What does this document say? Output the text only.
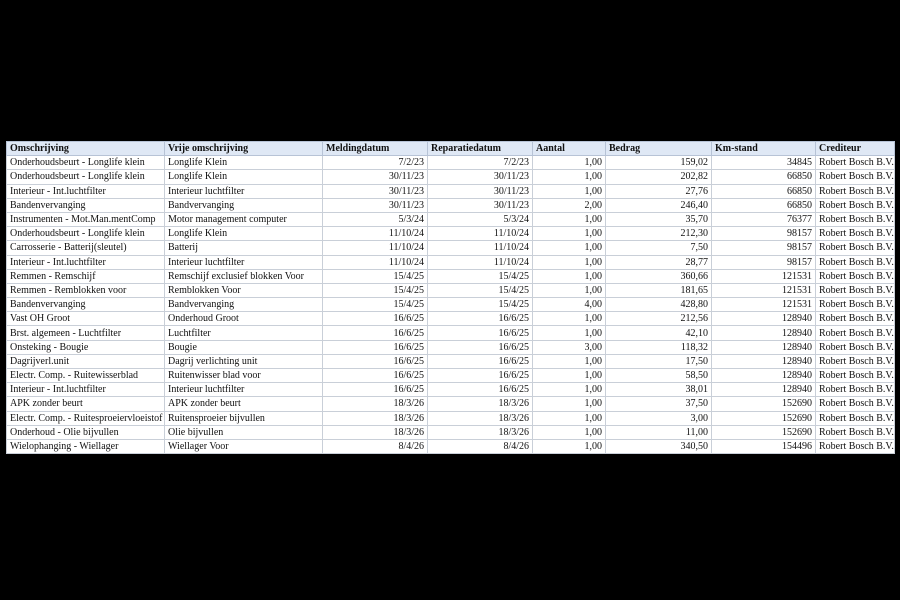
Omschrijving	Vrije omschrijving	Meldingdatum	Reparatiedatum	Aantal	Bedrag	Km-stand	Crediteur
Onderhoudsbeurt - Longlife klein	Longlife Klein	7/2/23	7/2/23	1,00	159,02	34845	Robert Bosch B.V.
Onderhoudsbeurt - Longlife klein	Longlife Klein	30/11/23	30/11/23	1,00	202,82	66850	Robert Bosch B.V.
Interieur - Int.luchtfilter	Interieur luchtfilter	30/11/23	30/11/23	1,00	27,76	66850	Robert Bosch B.V.
Bandenvervanging	Bandvervanging	30/11/23	30/11/23	2,00	246,40	66850	Robert Bosch B.V.
Instrumenten - Mot.Man.mentComp	Motor management computer	5/3/24	5/3/24	1,00	35,70	76377	Robert Bosch B.V.
Onderhoudsbeurt - Longlife klein	Longlife Klein	11/10/24	11/10/24	1,00	212,30	98157	Robert Bosch B.V.
Carrosserie - Batterij(sleutel)	Batterij	11/10/24	11/10/24	1,00	7,50	98157	Robert Bosch B.V.
Interieur - Int.luchtfilter	Interieur luchtfilter	11/10/24	11/10/24	1,00	28,77	98157	Robert Bosch B.V.
Remmen - Remschijf	Remschijf exclusief blokken Voor	15/4/25	15/4/25	1,00	360,66	121531	Robert Bosch B.V.
Remmen - Remblokken voor	Remblokken Voor	15/4/25	15/4/25	1,00	181,65	121531	Robert Bosch B.V.
Bandenvervanging	Bandvervanging	15/4/25	15/4/25	4,00	428,80	121531	Robert Bosch B.V.
Vast OH Groot	Onderhoud Groot	16/6/25	16/6/25	1,00	212,56	128940	Robert Bosch B.V.
Brst. algemeen - Luchtfilter	Luchtfilter	16/6/25	16/6/25	1,00	42,10	128940	Robert Bosch B.V.
Onsteking - Bougie	Bougie	16/6/25	16/6/25	3,00	118,32	128940	Robert Bosch B.V.
Dagrijverl.unit	Dagrij verlichting unit	16/6/25	16/6/25	1,00	17,50	128940	Robert Bosch B.V.
Electr. Comp. - Ruitewisserblad	Ruitenwisser blad voor	16/6/25	16/6/25	1,00	58,50	128940	Robert Bosch B.V.
Interieur - Int.luchtfilter	Interieur luchtfilter	16/6/25	16/6/25	1,00	38,01	128940	Robert Bosch B.V.
APK zonder beurt	APK zonder beurt	18/3/26	18/3/26	1,00	37,50	152690	Robert Bosch B.V.
Electr. Comp. - Ruitesproeiervloeistof	Ruitensproeier bijvullen	18/3/26	18/3/26	1,00	3,00	152690	Robert Bosch B.V.
Onderhoud - Olie bijvullen	Olie bijvullen	18/3/26	18/3/26	1,00	11,00	152690	Robert Bosch B.V.
Wielophanging - Wiellager	Wiellager Voor	8/4/26	8/4/26	1,00	340,50	154496	Robert Bosch B.V.
